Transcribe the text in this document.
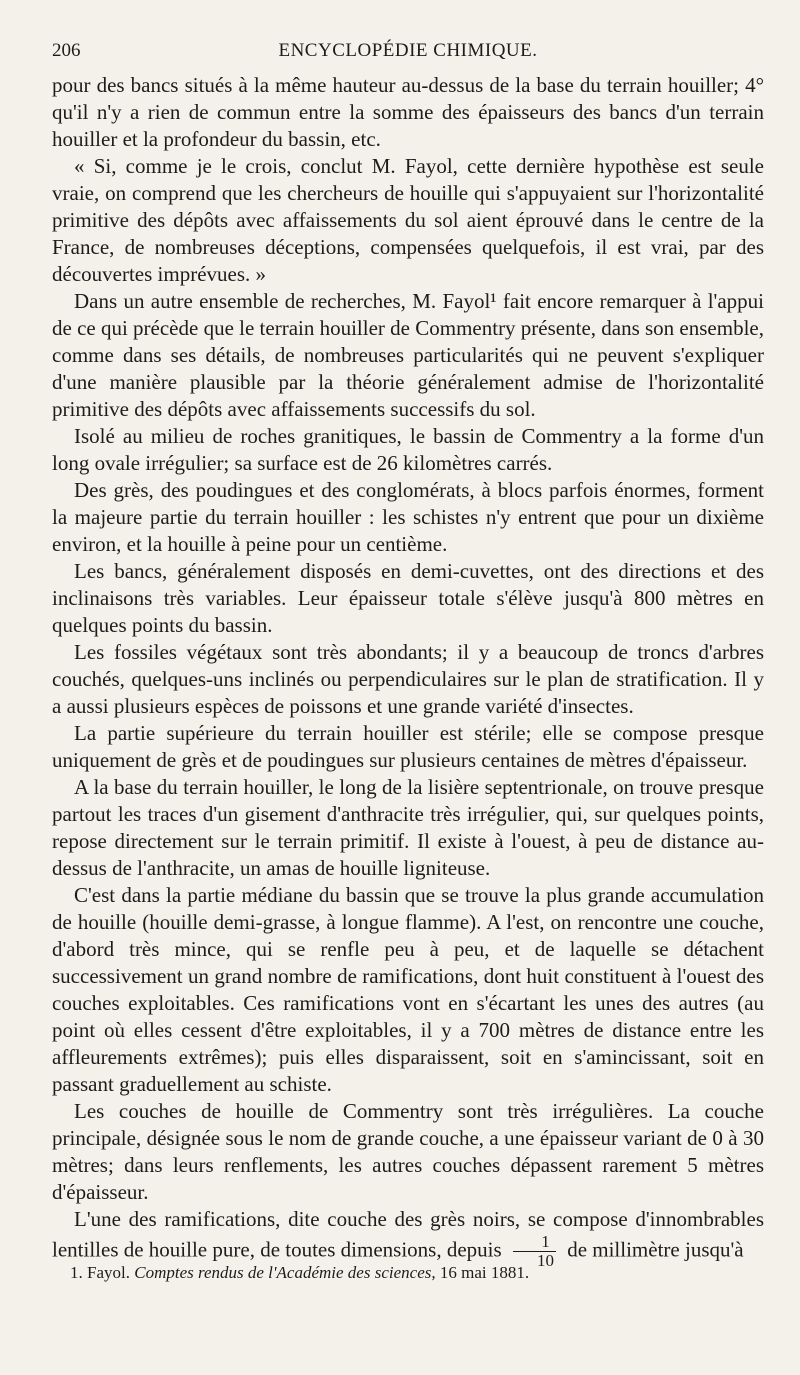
206	ENCYCLOPÉDIE CHIMIQUE.

pour des bancs situés à la même hauteur au-dessus de la base du terrain houiller; 4° qu'il n'y a rien de commun entre la somme des épaisseurs des bancs d'un terrain houiller et la profondeur du bassin, etc.

« Si, comme je le crois, conclut M. Fayol, cette dernière hypothèse est seule vraie, on comprend que les chercheurs de houille qui s'appuyaient sur l'horizontalité primitive des dépôts avec affaissements du sol aient éprouvé dans le centre de la France, de nombreuses déceptions, compensées quelquefois, il est vrai, par des découvertes imprévues. »

Dans un autre ensemble de recherches, M. Fayol¹ fait encore remarquer à l'appui de ce qui précède que le terrain houiller de Commentry présente, dans son ensemble, comme dans ses détails, de nombreuses particularités qui ne peuvent s'expliquer d'une manière plausible par la théorie généralement admise de l'horizontalité primitive des dépôts avec affaissements successifs du sol.

Isolé au milieu de roches granitiques, le bassin de Commentry a la forme d'un long ovale irrégulier; sa surface est de 26 kilomètres carrés.

Des grès, des poudingues et des conglomérats, à blocs parfois énormes, forment la majeure partie du terrain houiller : les schistes n'y entrent que pour un dixième environ, et la houille à peine pour un centième.

Les bancs, généralement disposés en demi-cuvettes, ont des directions et des inclinaisons très variables. Leur épaisseur totale s'élève jusqu'à 800 mètres en quelques points du bassin.

Les fossiles végétaux sont très abondants; il y a beaucoup de troncs d'arbres couchés, quelques-uns inclinés ou perpendiculaires sur le plan de stratification. Il y a aussi plusieurs espèces de poissons et une grande variété d'insectes.

La partie supérieure du terrain houiller est stérile; elle se compose presque uniquement de grès et de poudingues sur plusieurs centaines de mètres d'épaisseur.

A la base du terrain houiller, le long de la lisière septentrionale, on trouve presque partout les traces d'un gisement d'anthracite très irrégulier, qui, sur quelques points, repose directement sur le terrain primitif. Il existe à l'ouest, à peu de distance au-dessus de l'anthracite, un amas de houille ligniteuse.

C'est dans la partie médiane du bassin que se trouve la plus grande accumulation de houille (houille demi-grasse, à longue flamme). A l'est, on rencontre une couche, d'abord très mince, qui se renfle peu à peu, et de laquelle se détachent successivement un grand nombre de ramifications, dont huit constituent à l'ouest des couches exploitables. Ces ramifications vont en s'écartant les unes des autres (au point où elles cessent d'être exploitables, il y a 700 mètres de distance entre les affleurements extrêmes); puis elles disparaissent, soit en s'amincissant, soit en passant graduellement au schiste.

Les couches de houille de Commentry sont très irrégulières. La couche principale, désignée sous le nom de grande couche, a une épaisseur variant de 0 à 30 mètres; dans leurs renflements, les autres couches dépassent rarement 5 mètres d'épaisseur.

L'une des ramifications, dite couche des grès noirs, se compose d'innombrables lentilles de houille pure, de toutes dimensions, depuis $\frac{1}{10}$ de millimètre jusqu'à

1. Fayol. Comptes rendus de l'Académie des sciences, 16 mai 1881.
